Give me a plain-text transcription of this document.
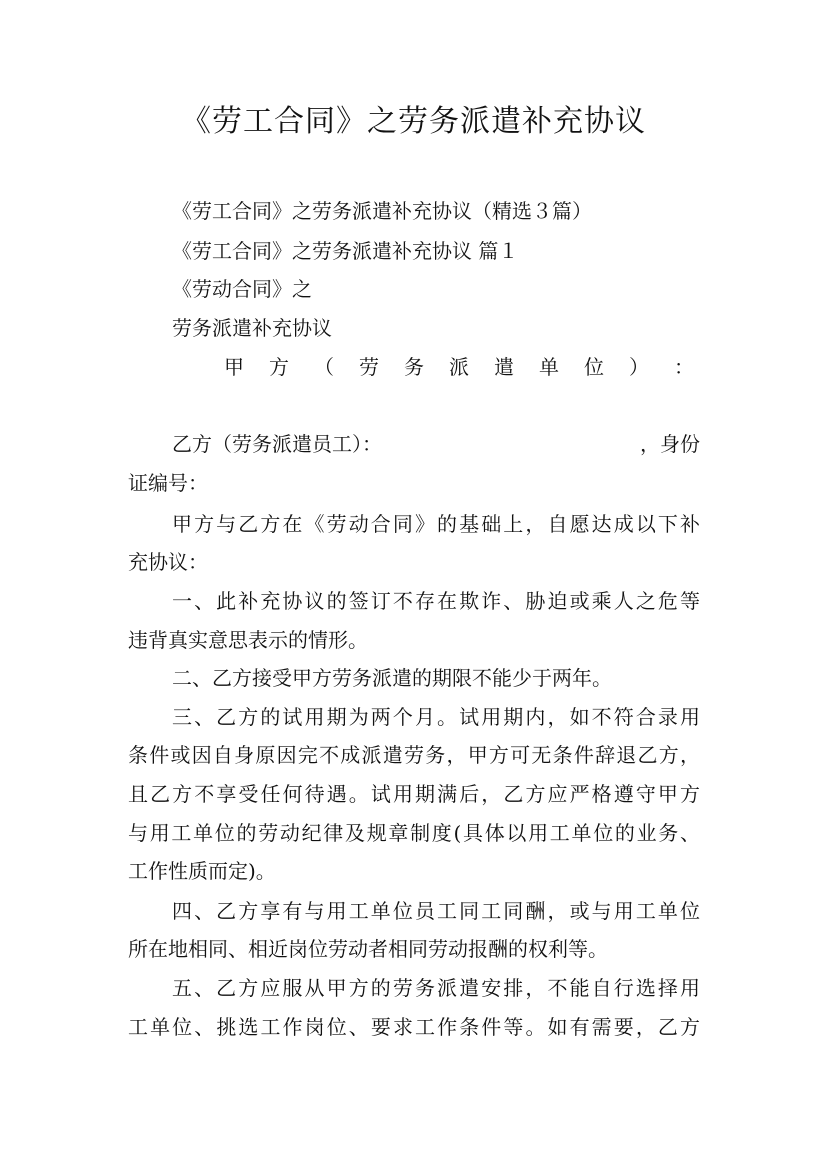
《劳工合同》之劳务派遣补充协议
《劳工合同》之劳务派遣补充协议（精选３篇）
《劳工合同》之劳务派遣补充协议 篇１
《劳动合同》之
劳务派遣补充协议
甲 方 （ 劳 务 派 遣 单 位 ） ：
乙方（劳务派遣员工）：	，身份
证编号：
甲方与乙方在《劳动合同》的基础上，自愿达成以下补
充协议：
一、此补充协议的签订不存在欺诈、胁迫或乘人之危等
违背真实意思表示的情形。
二、乙方接受甲方劳务派遣的期限不能少于两年。
三、乙方的试用期为两个月。试用期内，如不符合录用
条件或因自身原因完不成派遣劳务，甲方可无条件辞退乙方，
且乙方不享受任何待遇。试用期满后，乙方应严格遵守甲方
与用工单位的劳动纪律及规章制度(具体以用工单位的业务、
工作性质而定)。
四、乙方享有与用工单位员工同工同酬，或与用工单位
所在地相同、相近岗位劳动者相同劳动报酬的权利等。
五、乙方应服从甲方的劳务派遣安排，不能自行选择用
工单位、挑选工作岗位、要求工作条件等。如有需要，乙方
